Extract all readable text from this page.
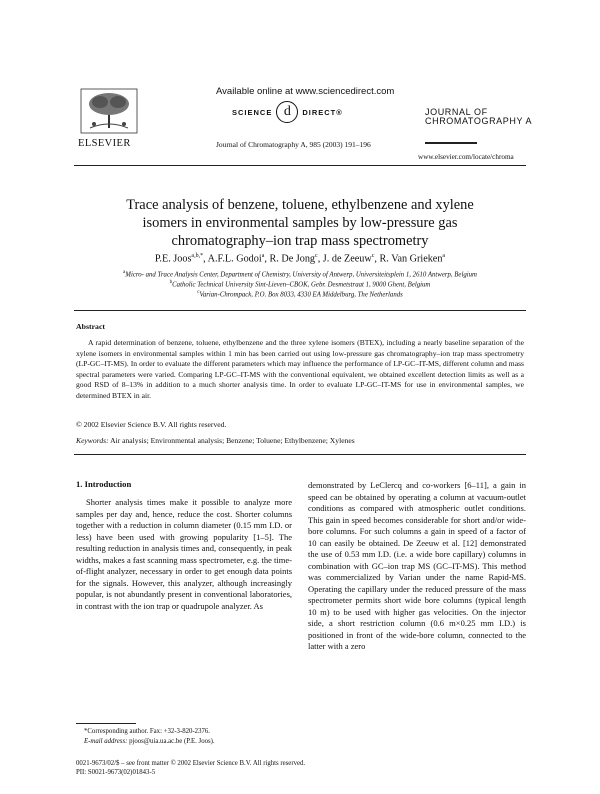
ELSEVIER
Available online at www.sciencedirect.com
SCIENCE d DIRECT®
Journal of Chromatography A, 985 (2003) 191–196
JOURNAL OF
CHROMATOGRAPHY A
www.elsevier.com/locate/chroma
Trace analysis of benzene, toluene, ethylbenzene and xylene
isomers in environmental samples by low-pressure gas
chromatography–ion trap mass spectrometry
P.E. Joos$^{a,b,*}$, A.F.L. Godoi$^a$, R. De Jong$^c$, J. de Zeeuw$^c$, R. Van Grieken$^a$
$^a$Micro- and Trace Analysis Center, Department of Chemistry, University of Antwerp, Universiteitsplein 1, 2610 Antwerp, Belgium
$^b$Catholic Technical University Sint-Lieven–CBOK, Gebr. Desmetstraat 1, 9000 Ghent, Belgium
$^c$Varian-Chrompack, P.O. Box 8033, 4330 EA Middelburg, The Netherlands
Abstract
A rapid determination of benzene, toluene, ethylbenzene and the three xylene isomers (BTEX), including a nearly baseline separation of the xylene isomers in environmental samples within 1 min has been carried out using low-pressure gas chromatography–ion trap mass spectrometry (LP-GC–IT-MS). In order to evaluate the different parameters which may influence the performance of LP-GC–IT-MS, different column and mass spectral parameters were varied. Comparing LP-GC–IT-MS with the conventional equivalent, we obtained excellent detection limits as well as a good RSD of 8–13% in addition to a much shorter analysis time. In order to evaluate LP-GC–IT-MS for use in environmental samples, we determined BTEX in air.
© 2002 Elsevier Science B.V. All rights reserved.
Keywords: Air analysis; Environmental analysis; Benzene; Toluene; Ethylbenzene; Xylenes
1. Introduction
Shorter analysis times make it possible to analyze more samples per day and, hence, reduce the cost. Shorter columns together with a reduction in column diameter (0.15 mm I.D. or less) have been used with growing popularity [1–5]. The resulting reduction in analysis times and, consequently, in peak widths, makes a fast scanning mass spectrometer, e.g. the time-of-flight analyzer, necessary in order to get enough data points for the signals. However, this analyzer, although increasingly popular, is not abundantly present in conventional laboratories, in contrast with the ion trap or quadrupole analyzer. As
demonstrated by LeClercq and co-workers [6–11], a gain in speed can be obtained by operating a column at vacuum-outlet conditions as compared with atmospheric outlet conditions. This gain in speed becomes considerable for short and/or wide-bore columns. For such columns a gain in speed of a factor of 10 can easily be obtained. De Zeeuw et al. [12] demonstrated the use of 0.53 mm I.D. (i.e. a wide bore capillary) columns in combination with GC–ion trap MS (GC–IT-MS). This method was commercialized by Varian under the name Rapid-MS. Operating the capillary under the reduced pressure of the mass spectrometer permits short wide bore columns (typical length 10 m) to be used with higher gas velocities. On the injector side, a short restriction column (0.6 m×0.25 mm I.D.) is positioned in front of the wide-bore column, connected to the latter with a zero
*Corresponding author. Fax: +32-3-820-2376.
E-mail address: pjoos@uia.ua.ac.be (P.E. Joos).
0021-9673/02/$ – see front matter © 2002 Elsevier Science B.V. All rights reserved.
PII: S0021-9673(02)01843-5
